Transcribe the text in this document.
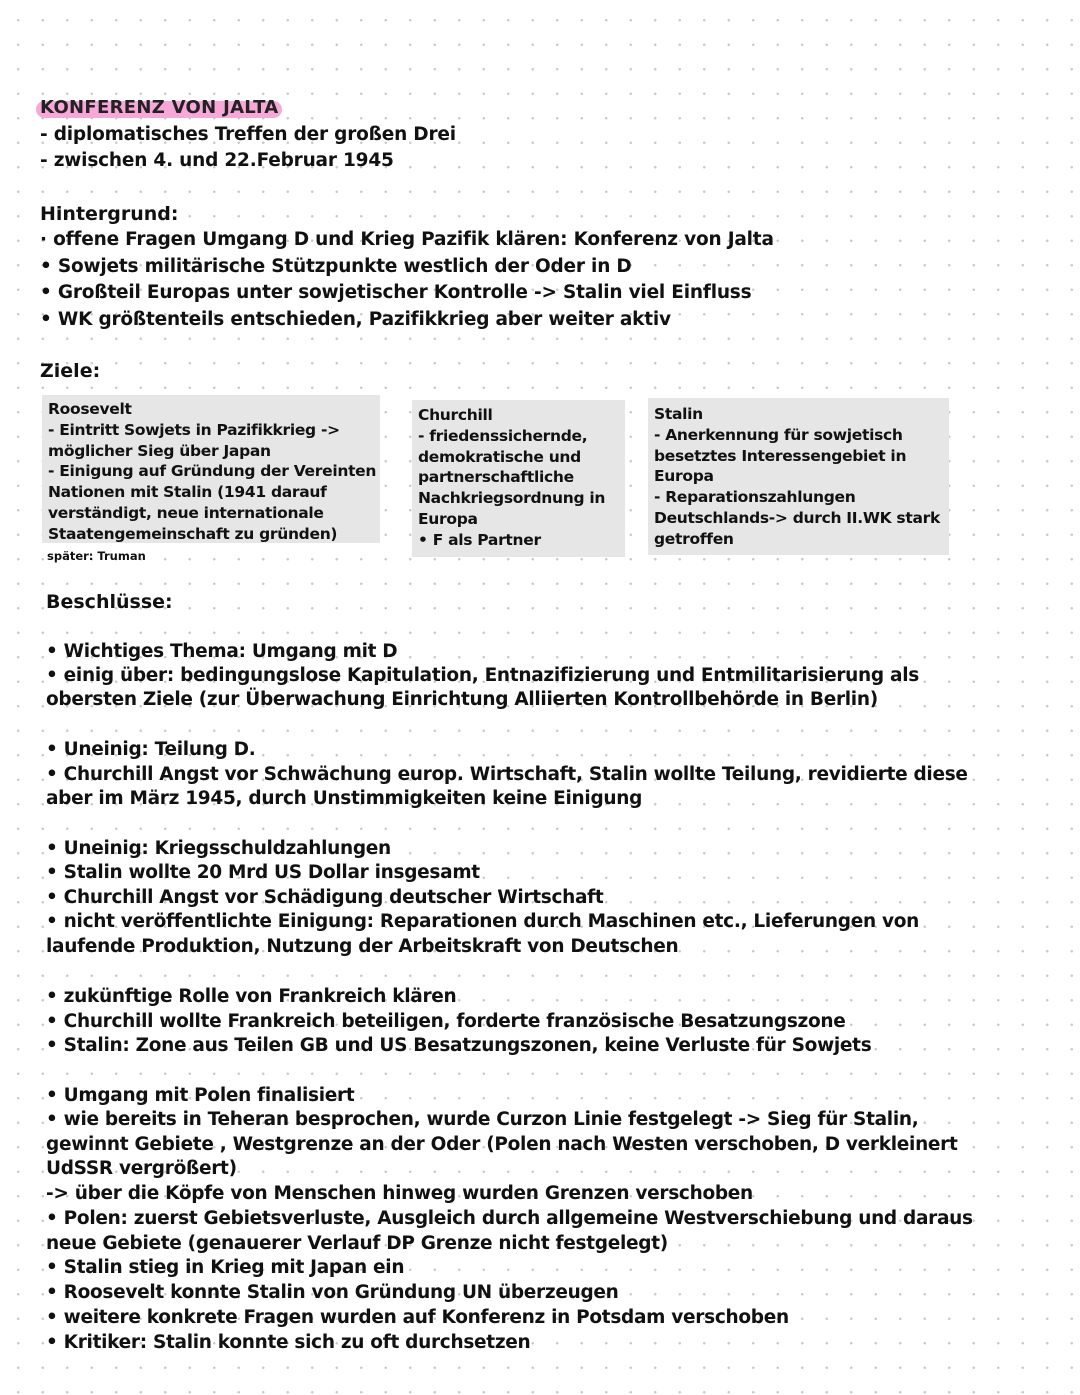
KONFERENZ VON JALTA
- diplomatisches Treffen der großen Drei
- zwischen 4. und 22.Februar 1945
Hintergrund:
· offene Fragen Umgang D und Krieg Pazifik klären: Konferenz von Jalta
• Sowjets militärische Stützpunkte westlich der Oder in D
• Großteil Europas unter sowjetischer Kontrolle -> Stalin viel Einfluss
• WK größtenteils entschieden, Pazifikkrieg aber weiter aktiv
Ziele:
Roosevelt
- Eintritt Sowjets in Pazifikkrieg ->
möglicher Sieg über Japan
- Einigung auf Gründung der Vereinten
Nationen mit Stalin (1941 darauf
verständigt, neue internationale
Staatengemeinschaft zu gründen)
später: Truman
Churchill
- friedenssichernde,
demokratische und
partnerschaftliche
Nachkriegsordnung in
Europa
• F als Partner
Stalin
- Anerkennung für sowjetisch
besetztes Interessengebiet in
Europa
- Reparationszahlungen
Deutschlands-> durch II.WK stark
getroffen
Beschlüsse:
• Wichtiges Thema: Umgang mit D
• einig über: bedingungslose Kapitulation, Entnazifizierung und Entmilitarisierung als
obersten Ziele (zur Überwachung Einrichtung Alliierten Kontrollbehörde in Berlin)
• Uneinig: Teilung D.
• Churchill Angst vor Schwächung europ. Wirtschaft, Stalin wollte Teilung, revidierte diese
aber im März 1945, durch Unstimmigkeiten keine Einigung
• Uneinig: Kriegsschuldzahlungen
• Stalin wollte 20 Mrd US Dollar insgesamt
• Churchill Angst vor Schädigung deutscher Wirtschaft
• nicht veröffentlichte Einigung: Reparationen durch Maschinen etc., Lieferungen von
laufende Produktion, Nutzung der Arbeitskraft von Deutschen
• zukünftige Rolle von Frankreich klären
• Churchill wollte Frankreich beteiligen, forderte französische Besatzungszone
• Stalin: Zone aus Teilen GB und US Besatzungszonen, keine Verluste für Sowjets
• Umgang mit Polen finalisiert
• wie bereits in Teheran besprochen, wurde Curzon Linie festgelegt -> Sieg für Stalin,
gewinnt Gebiete , Westgrenze an der Oder (Polen nach Westen verschoben, D verkleinert
UdSSR vergrößert)
-> über die Köpfe von Menschen hinweg wurden Grenzen verschoben
• Polen: zuerst Gebietsverluste, Ausgleich durch allgemeine Westverschiebung und daraus
neue Gebiete (genauerer Verlauf DP Grenze nicht festgelegt)
• Stalin stieg in Krieg mit Japan ein
• Roosevelt konnte Stalin von Gründung UN überzeugen
• weitere konkrete Fragen wurden auf Konferenz in Potsdam verschoben
• Kritiker: Stalin konnte sich zu oft durchsetzen
